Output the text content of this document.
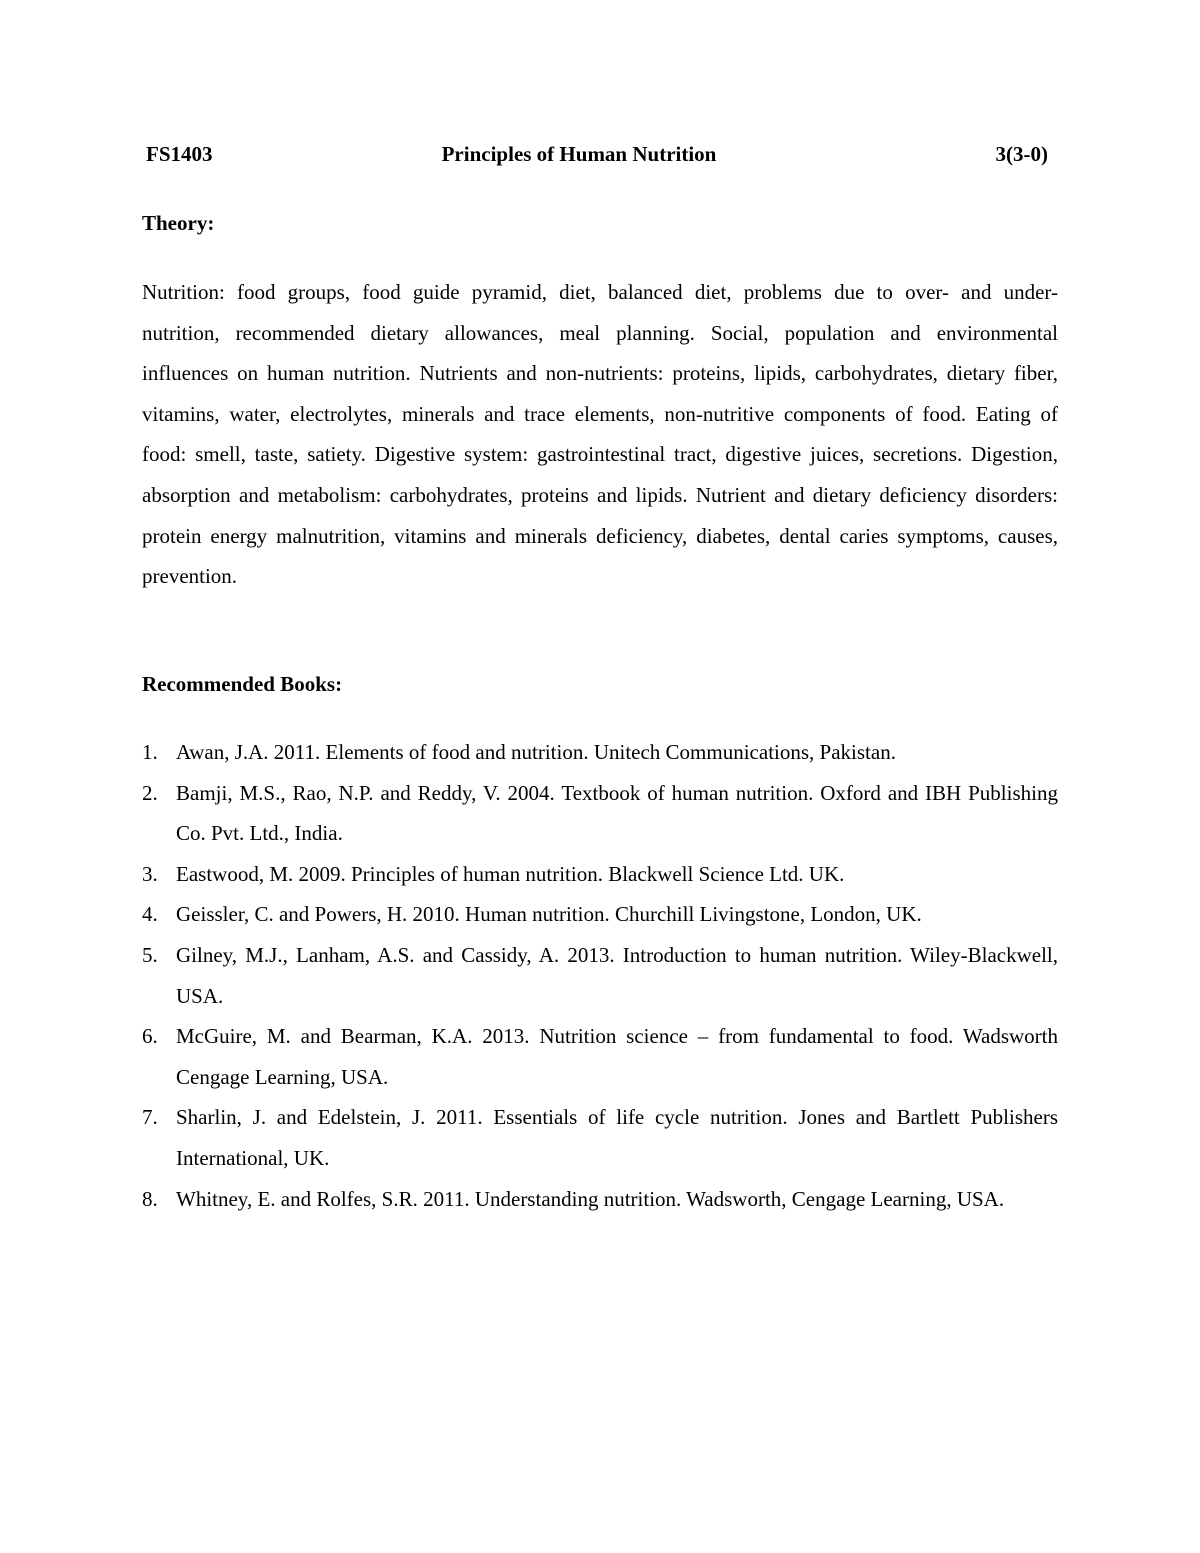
FS1403	Principles of Human Nutrition	3(3-0)
Theory:

Nutrition: food groups, food guide pyramid, diet, balanced diet, problems due to over- and under- nutrition, recommended dietary allowances, meal planning. Social, population and environmental influences on human nutrition. Nutrients and non-nutrients: proteins, lipids, carbohydrates, dietary fiber, vitamins, water, electrolytes, minerals and trace elements, non-nutritive components of food. Eating of food: smell, taste, satiety. Digestive system: gastrointestinal tract, digestive juices, secretions. Digestion, absorption and metabolism: carbohydrates, proteins and lipids. Nutrient and dietary deficiency disorders: protein energy malnutrition, vitamins and minerals deficiency, diabetes, dental caries symptoms, causes, prevention.

Recommended Books:
1. Awan, J.A. 2011. Elements of food and nutrition. Unitech Communications, Pakistan.
2. Bamji, M.S., Rao, N.P. and Reddy, V. 2004. Textbook of human nutrition. Oxford and IBH Publishing Co. Pvt. Ltd., India.
3. Eastwood, M. 2009. Principles of human nutrition. Blackwell Science Ltd. UK.
4. Geissler, C. and Powers, H. 2010. Human nutrition. Churchill Livingstone, London, UK.
5. Gilney, M.J., Lanham, A.S. and Cassidy, A. 2013. Introduction to human nutrition. Wiley-Blackwell, USA.
6. McGuire, M. and Bearman, K.A. 2013. Nutrition science – from fundamental to food. Wadsworth Cengage Learning, USA.
7. Sharlin, J. and Edelstein, J. 2011. Essentials of life cycle nutrition. Jones and Bartlett Publishers International, UK.
8. Whitney, E. and Rolfes, S.R. 2011. Understanding nutrition. Wadsworth, Cengage Learning, USA.
